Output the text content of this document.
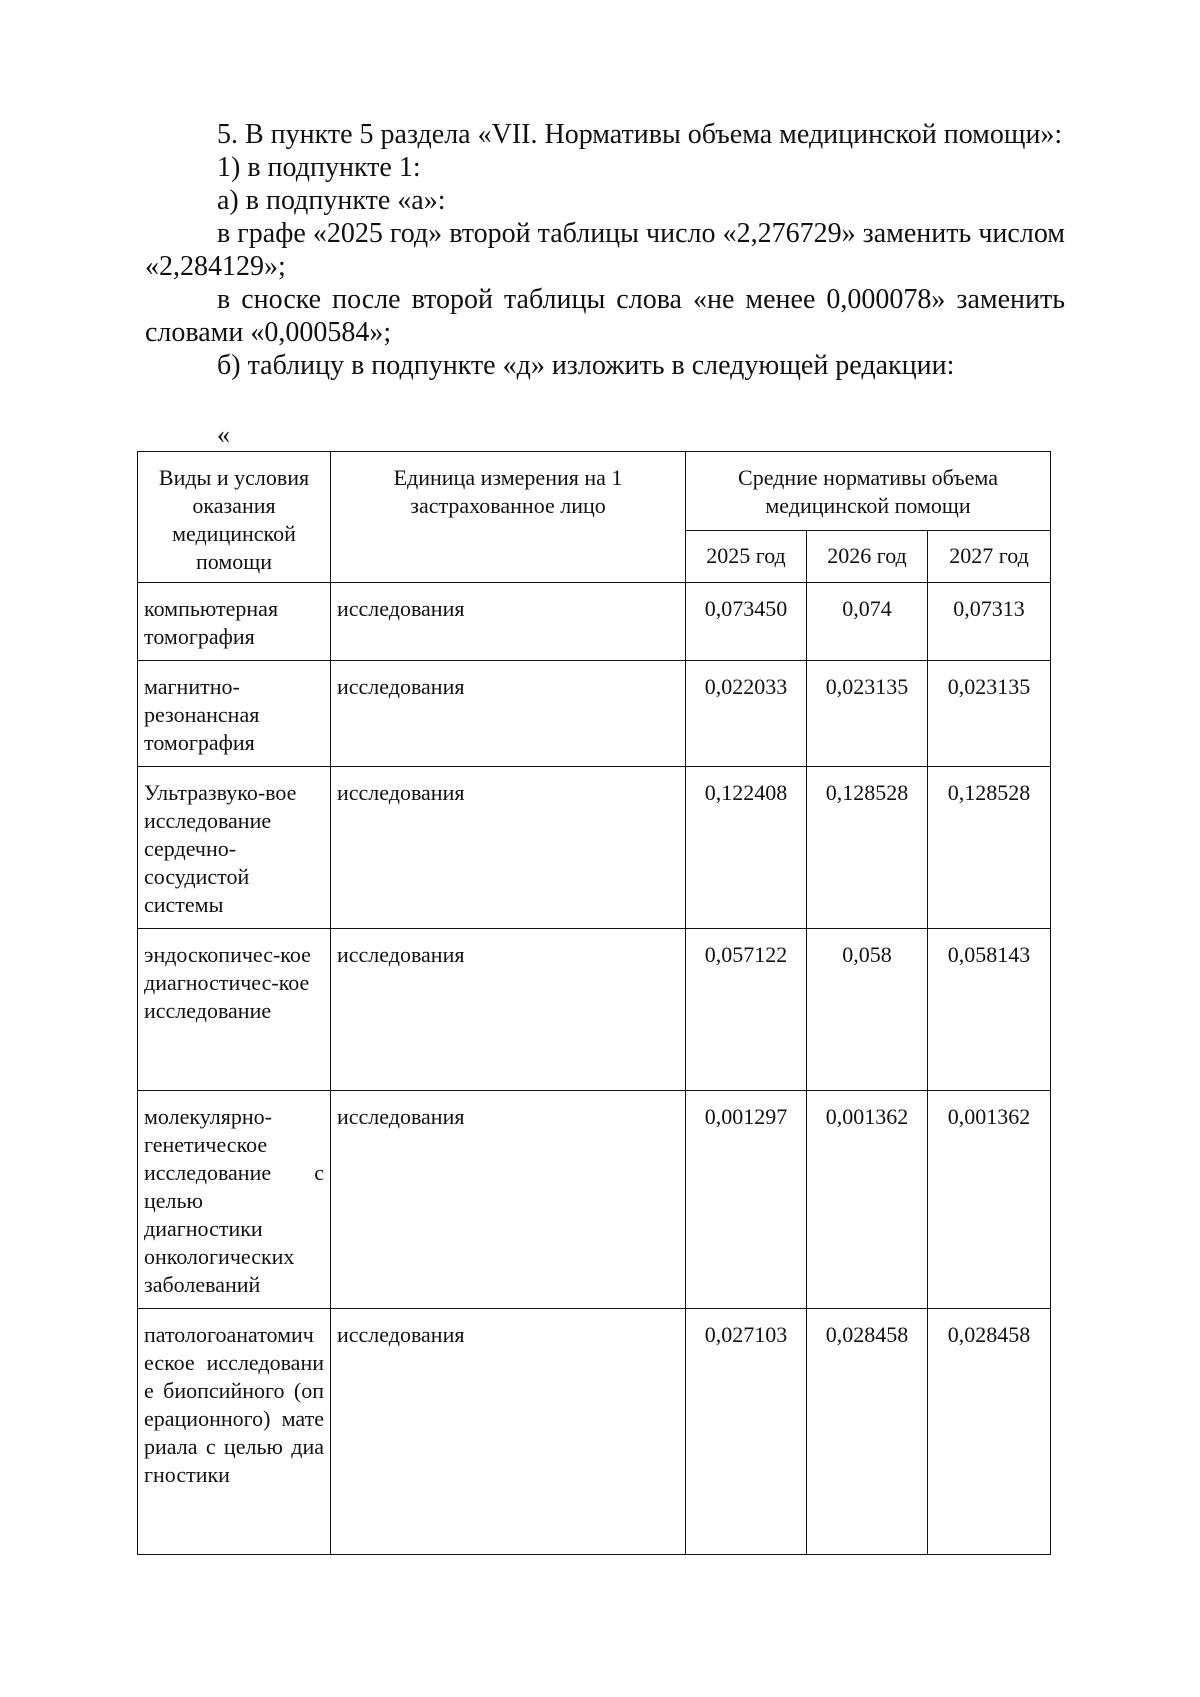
5. В пункте 5 раздела «VII. Нормативы объема медицинской помощи»:

1) в подпункте 1:

а) в подпункте «а»:

в графе «2025 год» второй таблицы число «2,276729» заменить числом «2,284129»;

в сноске после второй таблицы слова «не менее 0,000078» заменить словами «0,000584»;

б) таблицу в подпункте «д» изложить в следующей редакции:

«
Виды и условия оказания медицинской помощи	Единица измерения на 1 застрахованное лицо	Средние нормативы объема медицинской помощи		
		2025 год	2026 год	2027 год
компьютерная томография	исследования	0,073450	0,074	0,07313
магнитно-резонансная томография	исследования	0,022033	0,023135	0,023135
Ультразвуко-вое исследование сердечно-сосудистой системы	исследования	0,122408	0,128528	0,128528
эндоскопичес-кое диагностичес-кое исследование	исследования	0,057122	0,058	0,058143
молекулярно-генетическое исследование с целью диагностики онкологических заболеваний	исследования	0,001297	0,001362	0,001362
патологоанатомическое исследование биопсийного (операционного) материала с целью диагностики	исследования	0,027103	0,028458	0,028458
